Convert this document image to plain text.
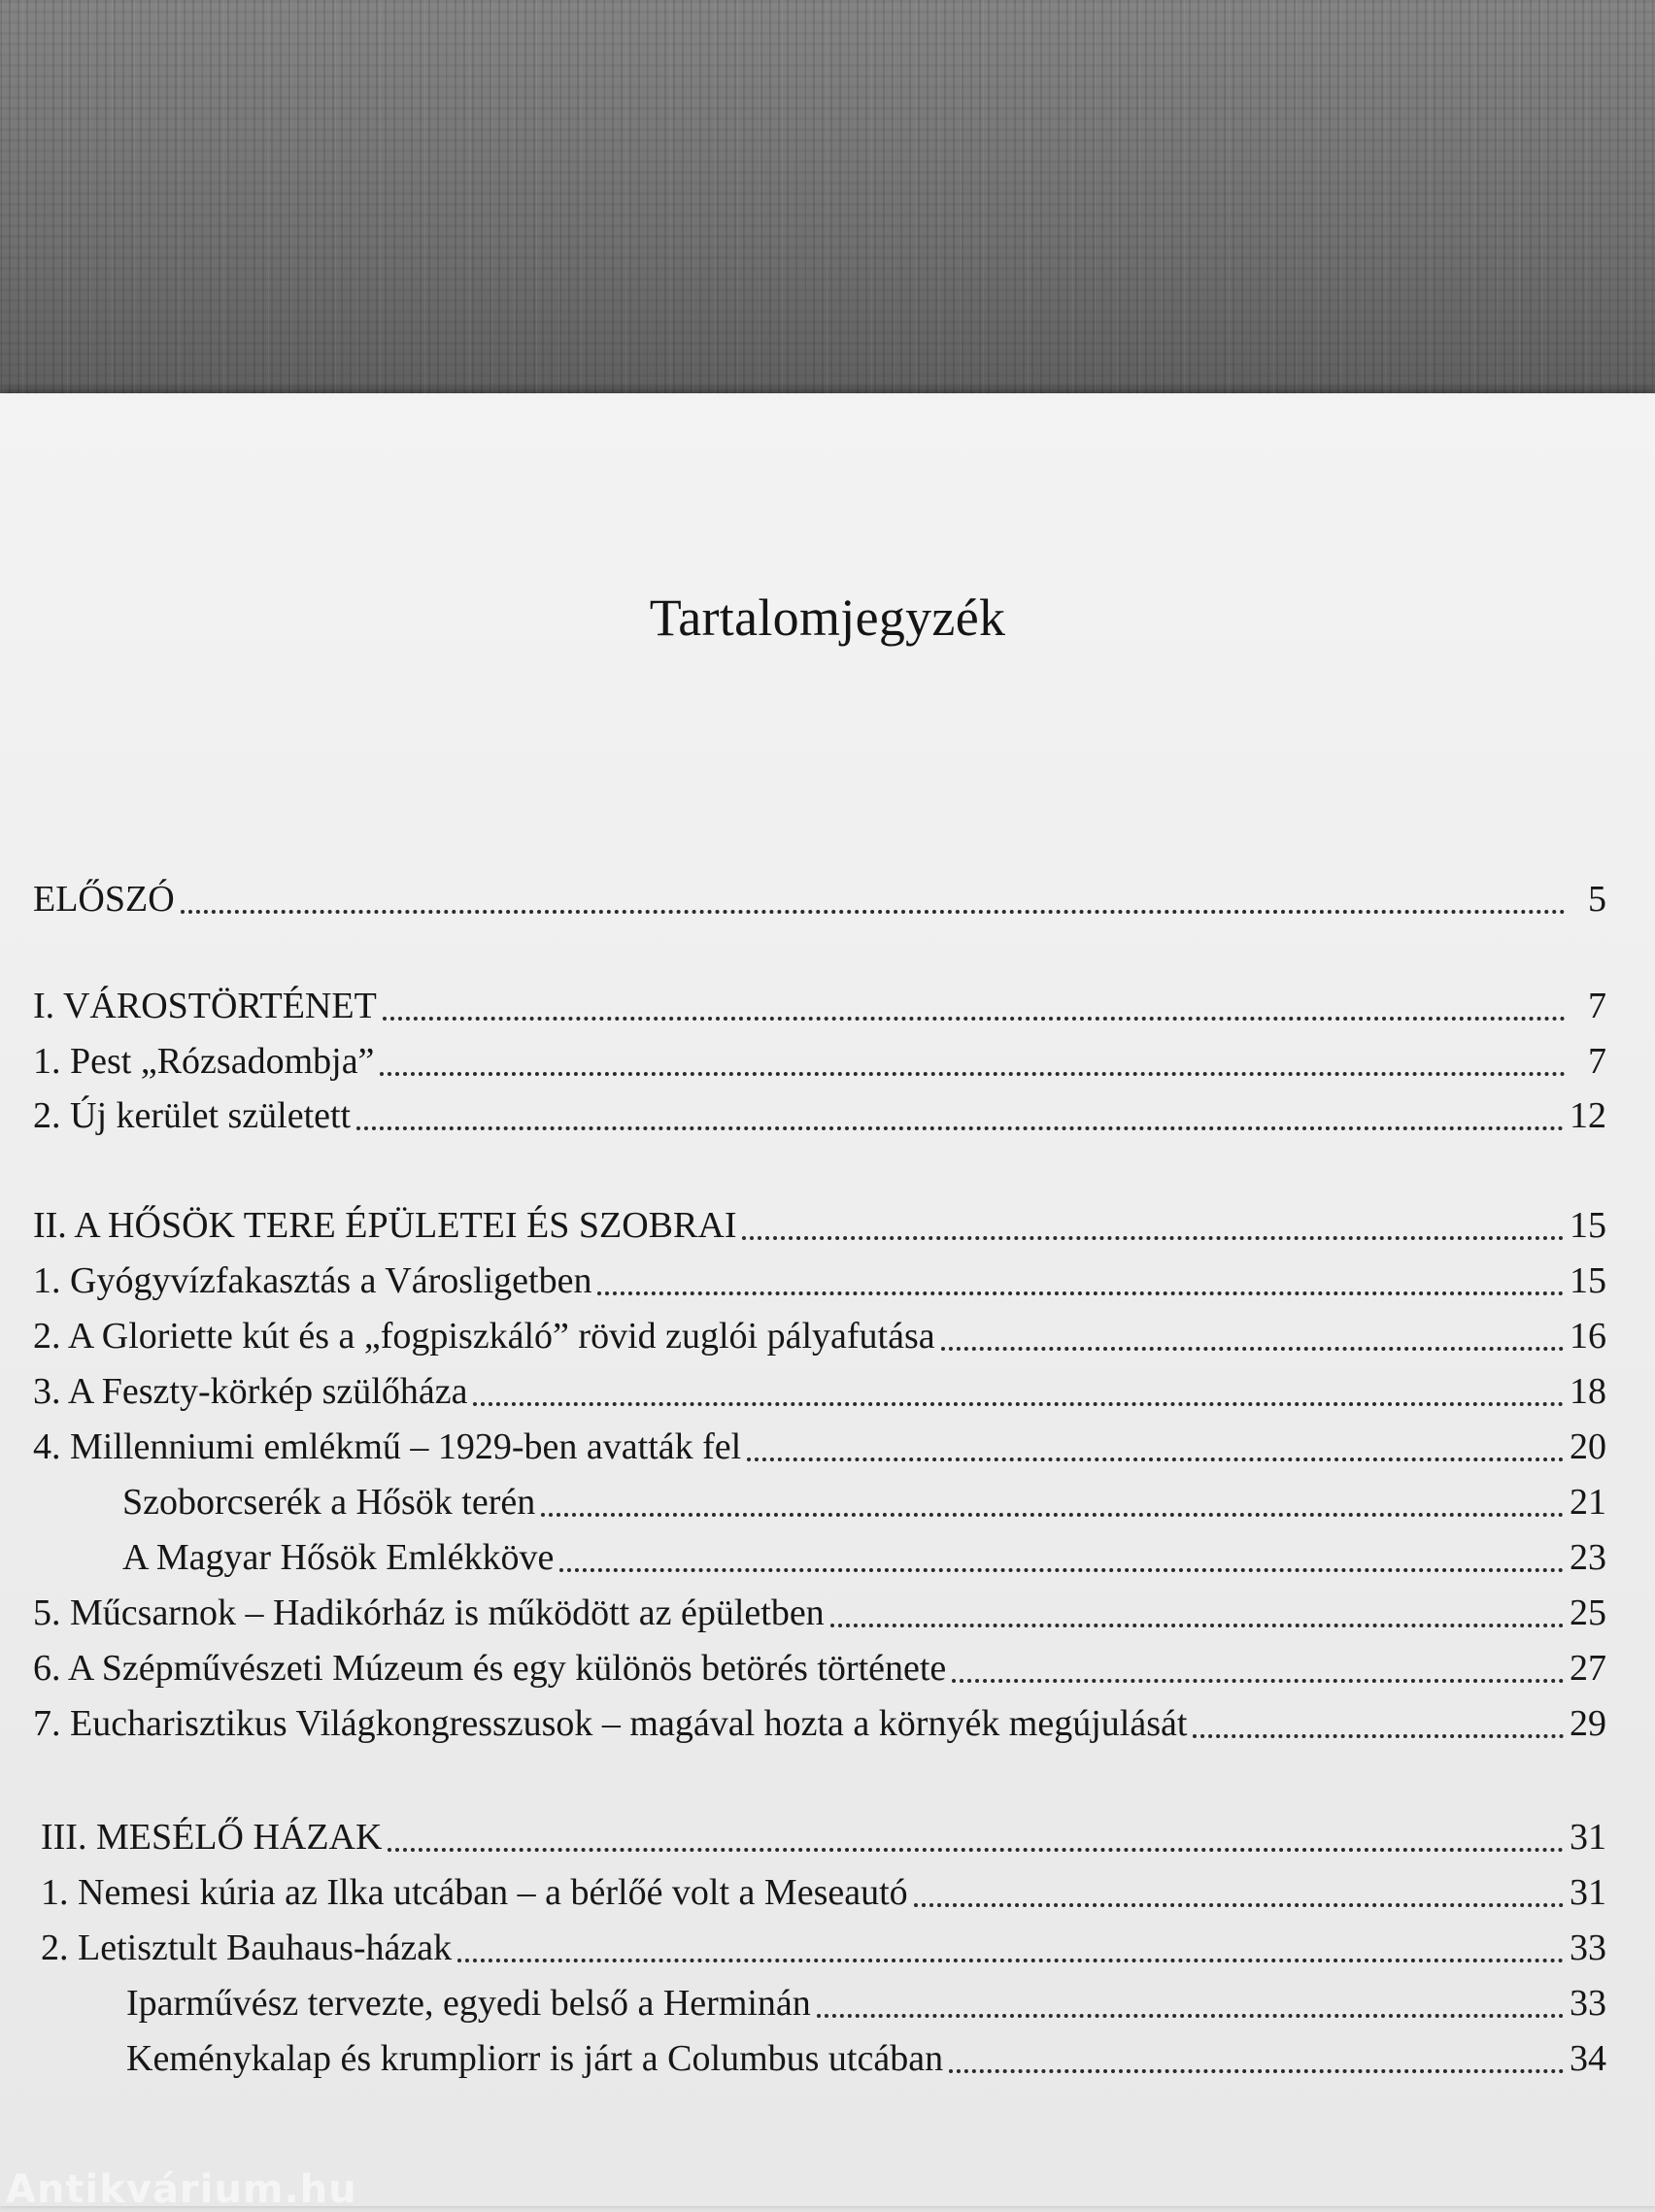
Tartalomjegyzék
ELŐSZÓ	5
I. VÁROSTÖRTÉNET	7
1. Pest „Rózsadombja”	7
2. Új kerület született	12
II. A HŐSÖK TERE ÉPÜLETEI ÉS SZOBRAI	15
1. Gyógyvízfakasztás a Városligetben	15
2. A Gloriette kút és a „fogpiszkáló” rövid zuglói pályafutása	16
3. A Feszty-körkép szülőháza	18
4. Millenniumi emlékmű – 1929-ben avatták fel	20
Szoborcserék a Hősök terén	21
A Magyar Hősök Emlékköve	23
5. Műcsarnok – Hadikórház is működött az épületben	25
6. A Szépművészeti Múzeum és egy különös betörés története	27
7. Eucharisztikus Világkongresszusok – magával hozta a környék megújulását	29
III. MESÉLŐ HÁZAK	31
1. Nemesi kúria az Ilka utcában – a bérlőé volt a Meseautó	31
2. Letisztult Bauhaus-házak	33
Iparművész tervezte, egyedi belső a Herminán	33
Keménykalap és krumpliorr is járt a Columbus utcában	34
Antikvárium.hu
